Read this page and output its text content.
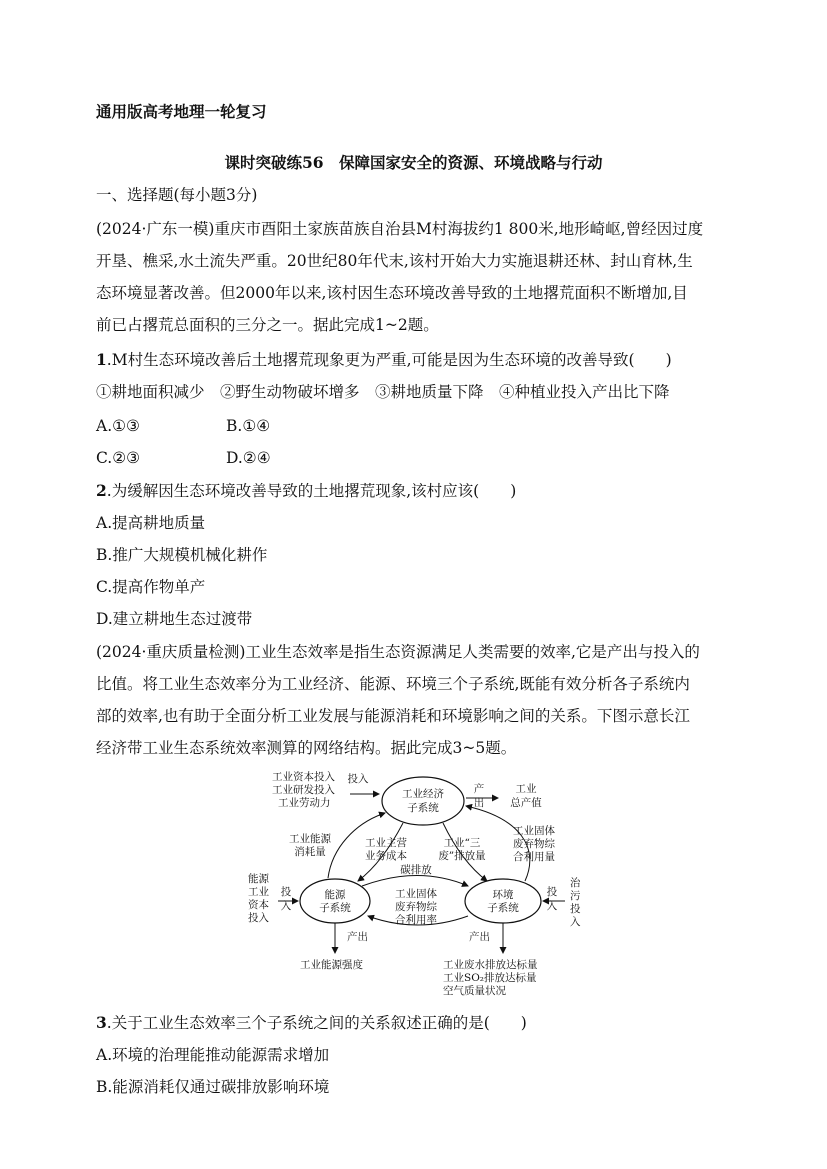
通用版高考地理一轮复习
课时突破练56　保障国家安全的资源、环境战略与行动
一、选择题(每小题3分)
(2024·广东一模)重庆市酉阳土家族苗族自治县M村海拔约1 800米,地形崎岖,曾经因过度
开垦、樵采,水土流失严重。20世纪80年代末,该村开始大力实施退耕还林、封山育林,生
态环境显著改善。但2000年以来,该村因生态环境改善导致的土地撂荒面积不断增加,目
前已占撂荒总面积的三分之一。据此完成1~2题。
1.M村生态环境改善后土地撂荒现象更为严重,可能是因为生态环境的改善导致(　　)
①耕地面积减少　②野生动物破坏增多　③耕地质量下降　④种植业投入产出比下降
A.①③	B.①④
C.②③	D.②④
2.为缓解因生态环境改善导致的土地撂荒现象,该村应该(　　)
A.提高耕地质量
B.推广大规模机械化耕作
C.提高作物单产
D.建立耕地生态过渡带
(2024·重庆质量检测)工业生态效率是指生态资源满足人类需要的效率,它是产出与投入的
比值。将工业生态效率分为工业经济、能源、环境三个子系统,既能有效分析各子系统内
部的效率,也有助于全面分析工业发展与能源消耗和环境影响之间的关系。下图示意长江
经济带工业生态系统效率测算的网络结构。据此完成3~5题。
工业经济
子系统
能源
子系统
环境
子系统
工业资本投入
工业研发投入
工业劳动力
投入
产
出
工业
总产值
工业能源
消耗量
工业主营
业务成本
工业“三
废”排放量
工业固体
废弃物综
合利用量
碳排放
工业固体
废弃物综
合利用率
能源
工业
资本
投入
投
入
治
污
投
入
投
入
产出
工业能源强度
产出
工业废水排放达标量
工业SO₂排放达标量
空气质量状况
3.关于工业生态效率三个子系统之间的关系叙述正确的是(　　)
A.环境的治理能推动能源需求增加
B.能源消耗仅通过碳排放影响环境
